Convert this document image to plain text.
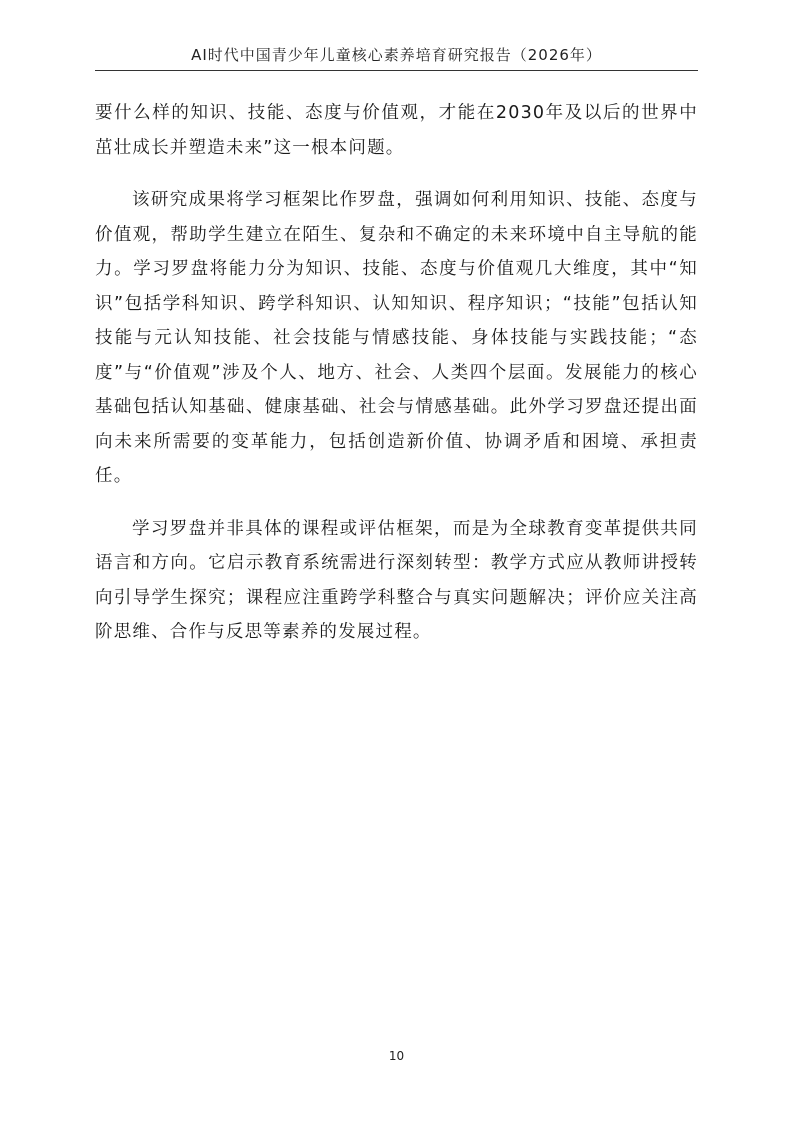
AI时代中国青少年儿童核心素养培育研究报告（2026年）

要什么样的知识、技能、态度与价值观，才能在2030年及以后的世界中茁壮成长并塑造未来”这一根本问题。

该研究成果将学习框架比作罗盘，强调如何利用知识、技能、态度与价值观，帮助学生建立在陌生、复杂和不确定的未来环境中自主导航的能力。学习罗盘将能力分为知识、技能、态度与价值观几大维度，其中“知识”包括学科知识、跨学科知识、认知知识、程序知识；“技能”包括认知技能与元认知技能、社会技能与情感技能、身体技能与实践技能；“态度”与“价值观”涉及个人、地方、社会、人类四个层面。发展能力的核心基础包括认知基础、健康基础、社会与情感基础。此外学习罗盘还提出面向未来所需要的变革能力，包括创造新价值、协调矛盾和困境、承担责任。

学习罗盘并非具体的课程或评估框架，而是为全球教育变革提供共同语言和方向。它启示教育系统需进行深刻转型：教学方式应从教师讲授转向引导学生探究；课程应注重跨学科整合与真实问题解决；评价应关注高阶思维、合作与反思等素养的发展过程。

10
